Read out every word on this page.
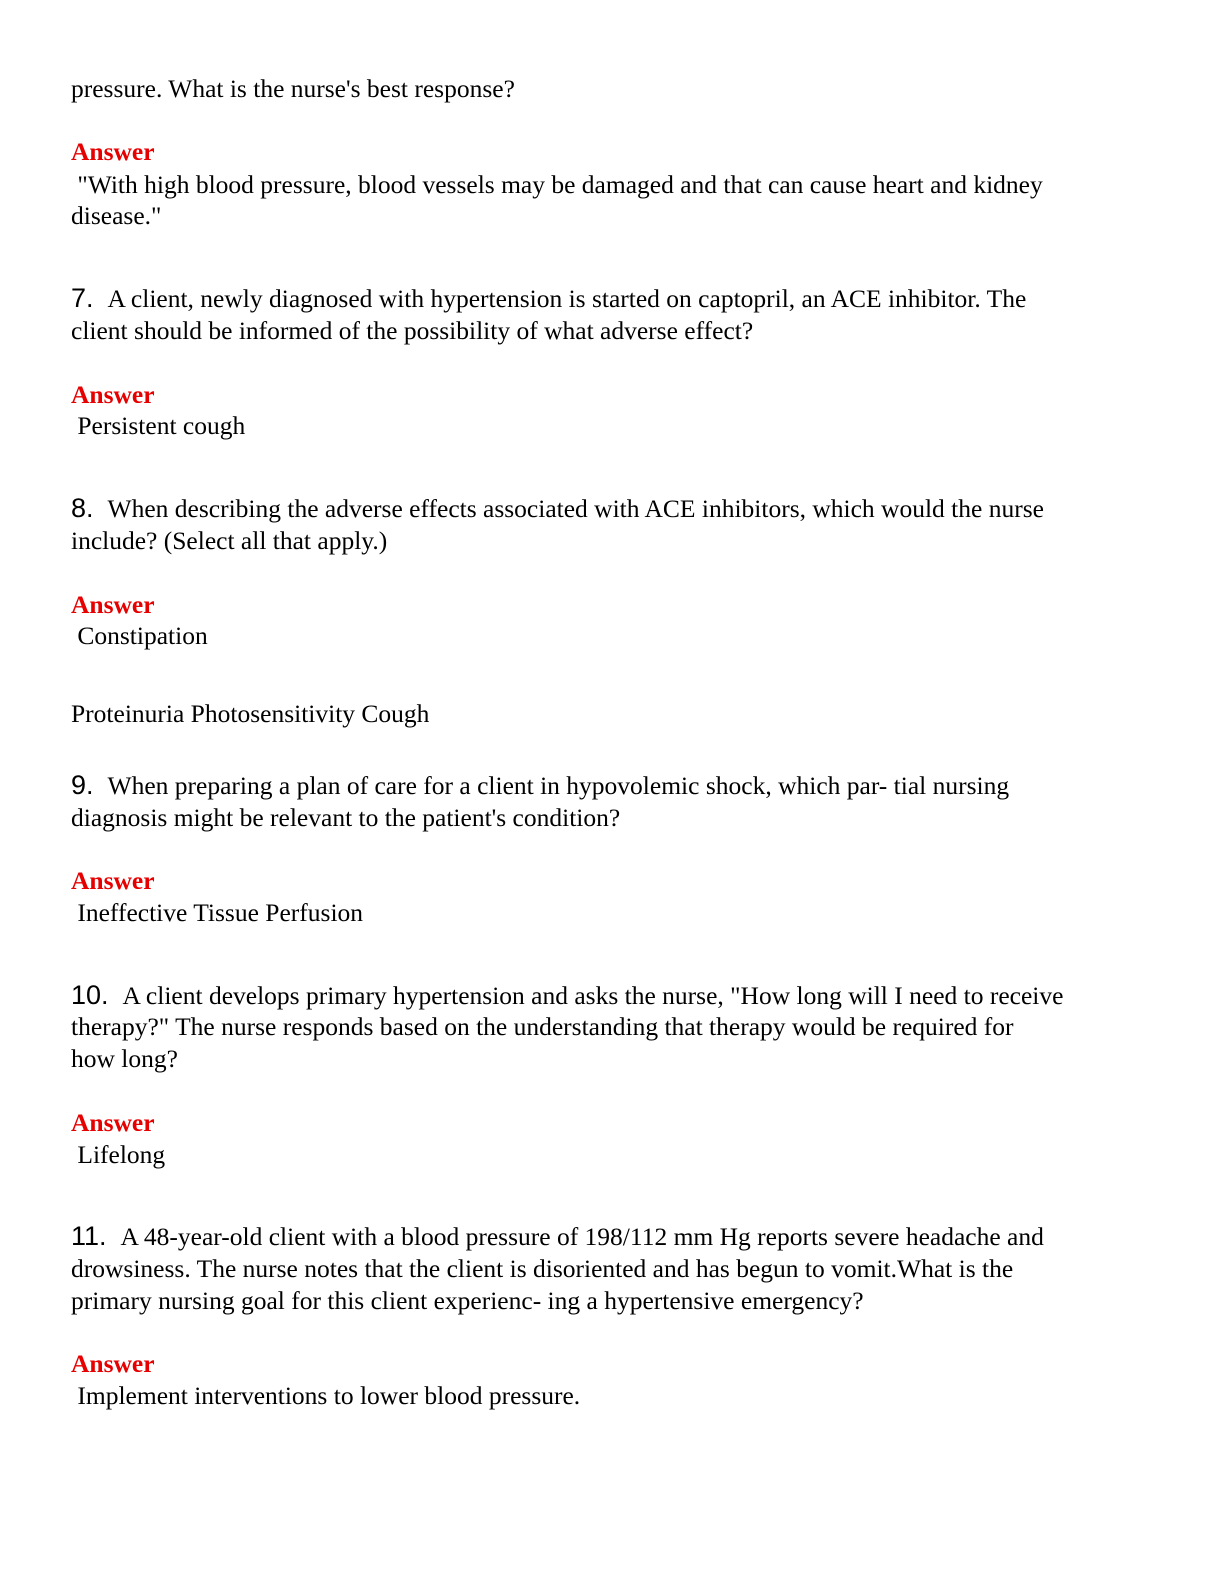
pressure. What is the nurse's best response?
Answer
"With high blood pressure, blood vessels may be damaged and that can cause heart and kidney
disease."
7. A client, newly diagnosed with hypertension is started on captopril, an ACE inhibitor. The
client should be informed of the possibility of what adverse effect?
Answer
Persistent cough
8. When describing the adverse effects associated with ACE inhibitors, which would the nurse
include? (Select all that apply.)
Answer
Constipation
Proteinuria Photosensitivity Cough
9. When preparing a plan of care for a client in hypovolemic shock, which par- tial nursing
diagnosis might be relevant to the patient's condition?
Answer
Ineffective Tissue Perfusion
10. A client develops primary hypertension and asks the nurse, "How long will I need to receive
therapy?" The nurse responds based on the understanding that therapy would be required for
how long?
Answer
Lifelong
11. A 48-year-old client with a blood pressure of 198/112 mm Hg reports severe headache and
drowsiness. The nurse notes that the client is disoriented and has begun to vomit.What is the
primary nursing goal for this client experienc- ing a hypertensive emergency?
Answer
Implement interventions to lower blood pressure.
